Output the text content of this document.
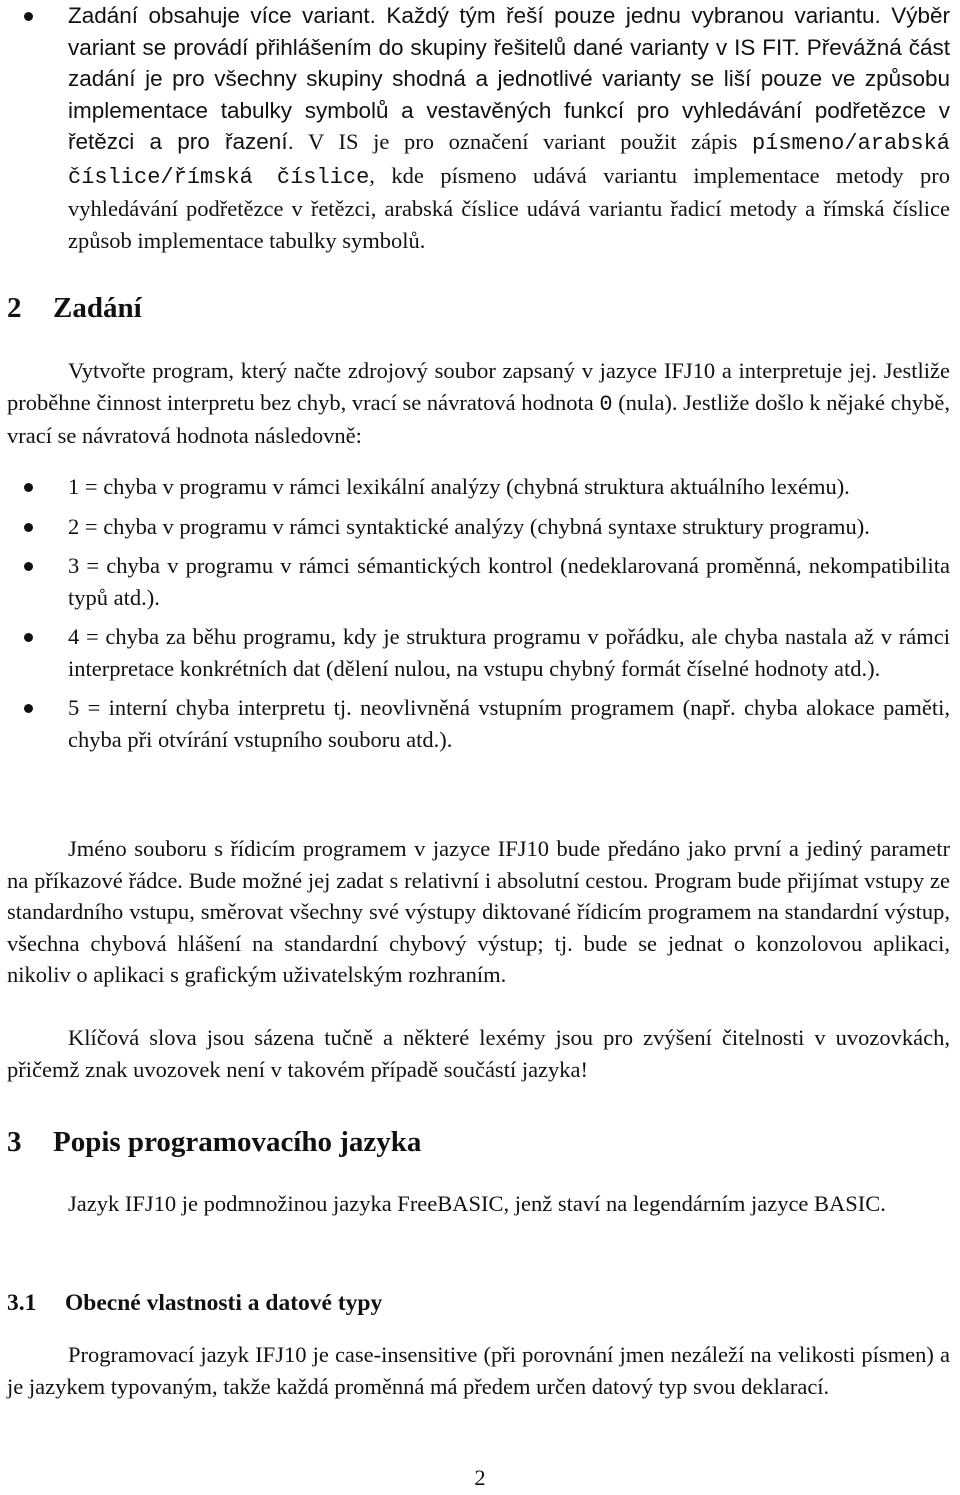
Zadání obsahuje více variant. Každý tým řeší pouze jednu vybranou variantu. Výběr variant se provádí přihlášením do skupiny řešitelů dané varianty v IS FIT. Převážná část zadání je pro všechny skupiny shodná a jednotlivé varianty se liší pouze ve způsobu implementace tabulky symbolů a vestavěných funkcí pro vyhledávání podřetězce v řetězci a pro řazení. V IS je pro označení variant použit zápis písmeno/arabská číslice/římská číslice, kde písmeno udává variantu implementace metody pro vyhledávání podřetězce v řetězci, arabská číslice udává variantu řadicí metody a římská číslice způsob implementace tabulky symbolů.
2	Zadání

Vytvořte program, který načte zdrojový soubor zapsaný v jazyce IFJ10 a interpretuje jej. Jestliže proběhne činnost interpretu bez chyb, vrací se návratová hodnota 0 (nula). Jestliže došlo k nějaké chybě, vrací se návratová hodnota následovně:

1 = chyba v programu v rámci lexikální analýzy (chybná struktura aktuálního lexému).
2 = chyba v programu v rámci syntaktické analýzy (chybná syntaxe struktury programu).
3 = chyba v programu v rámci sémantických kontrol (nedeklarovaná proměnná, nekompatibilita typů atd.).
4 = chyba za běhu programu, kdy je struktura programu v pořádku, ale chyba nastala až v rámci interpretace konkrétních dat (dělení nulou, na vstupu chybný formát číselné hodnoty atd.).
5 = interní chyba interpretu tj. neovlivněná vstupním programem (např. chyba alokace paměti, chyba při otvírání vstupního souboru atd.).

Jméno souboru s řídicím programem v jazyce IFJ10 bude předáno jako první a jediný parametr na příkazové řádce. Bude možné jej zadat s relativní i absolutní cestou. Program bude přijímat vstupy ze standardního vstupu, směrovat všechny své výstupy diktované řídicím programem na standardní výstup, všechna chybová hlášení na standardní chybový výstup; tj. bude se jednat o konzolovou aplikaci, nikoliv o aplikaci s grafickým uživatelským rozhraním.

Klíčová slova jsou sázena tučně a některé lexémy jsou pro zvýšení čitelnosti v uvozovkách, přičemž znak uvozovek není v takovém případě součástí jazyka!

3	Popis programovacího jazyka

Jazyk IFJ10 je podmnožinou jazyka FreeBASIC, jenž staví na legendárním jazyce BASIC.

3.1	Obecné vlastnosti a datové typy

Programovací jazyk IFJ10 je case-insensitive (při porovnání jmen nezáleží na velikosti písmen) a je jazykem typovaným, takže každá proměnná má předem určen datový typ svou deklarací.

2
